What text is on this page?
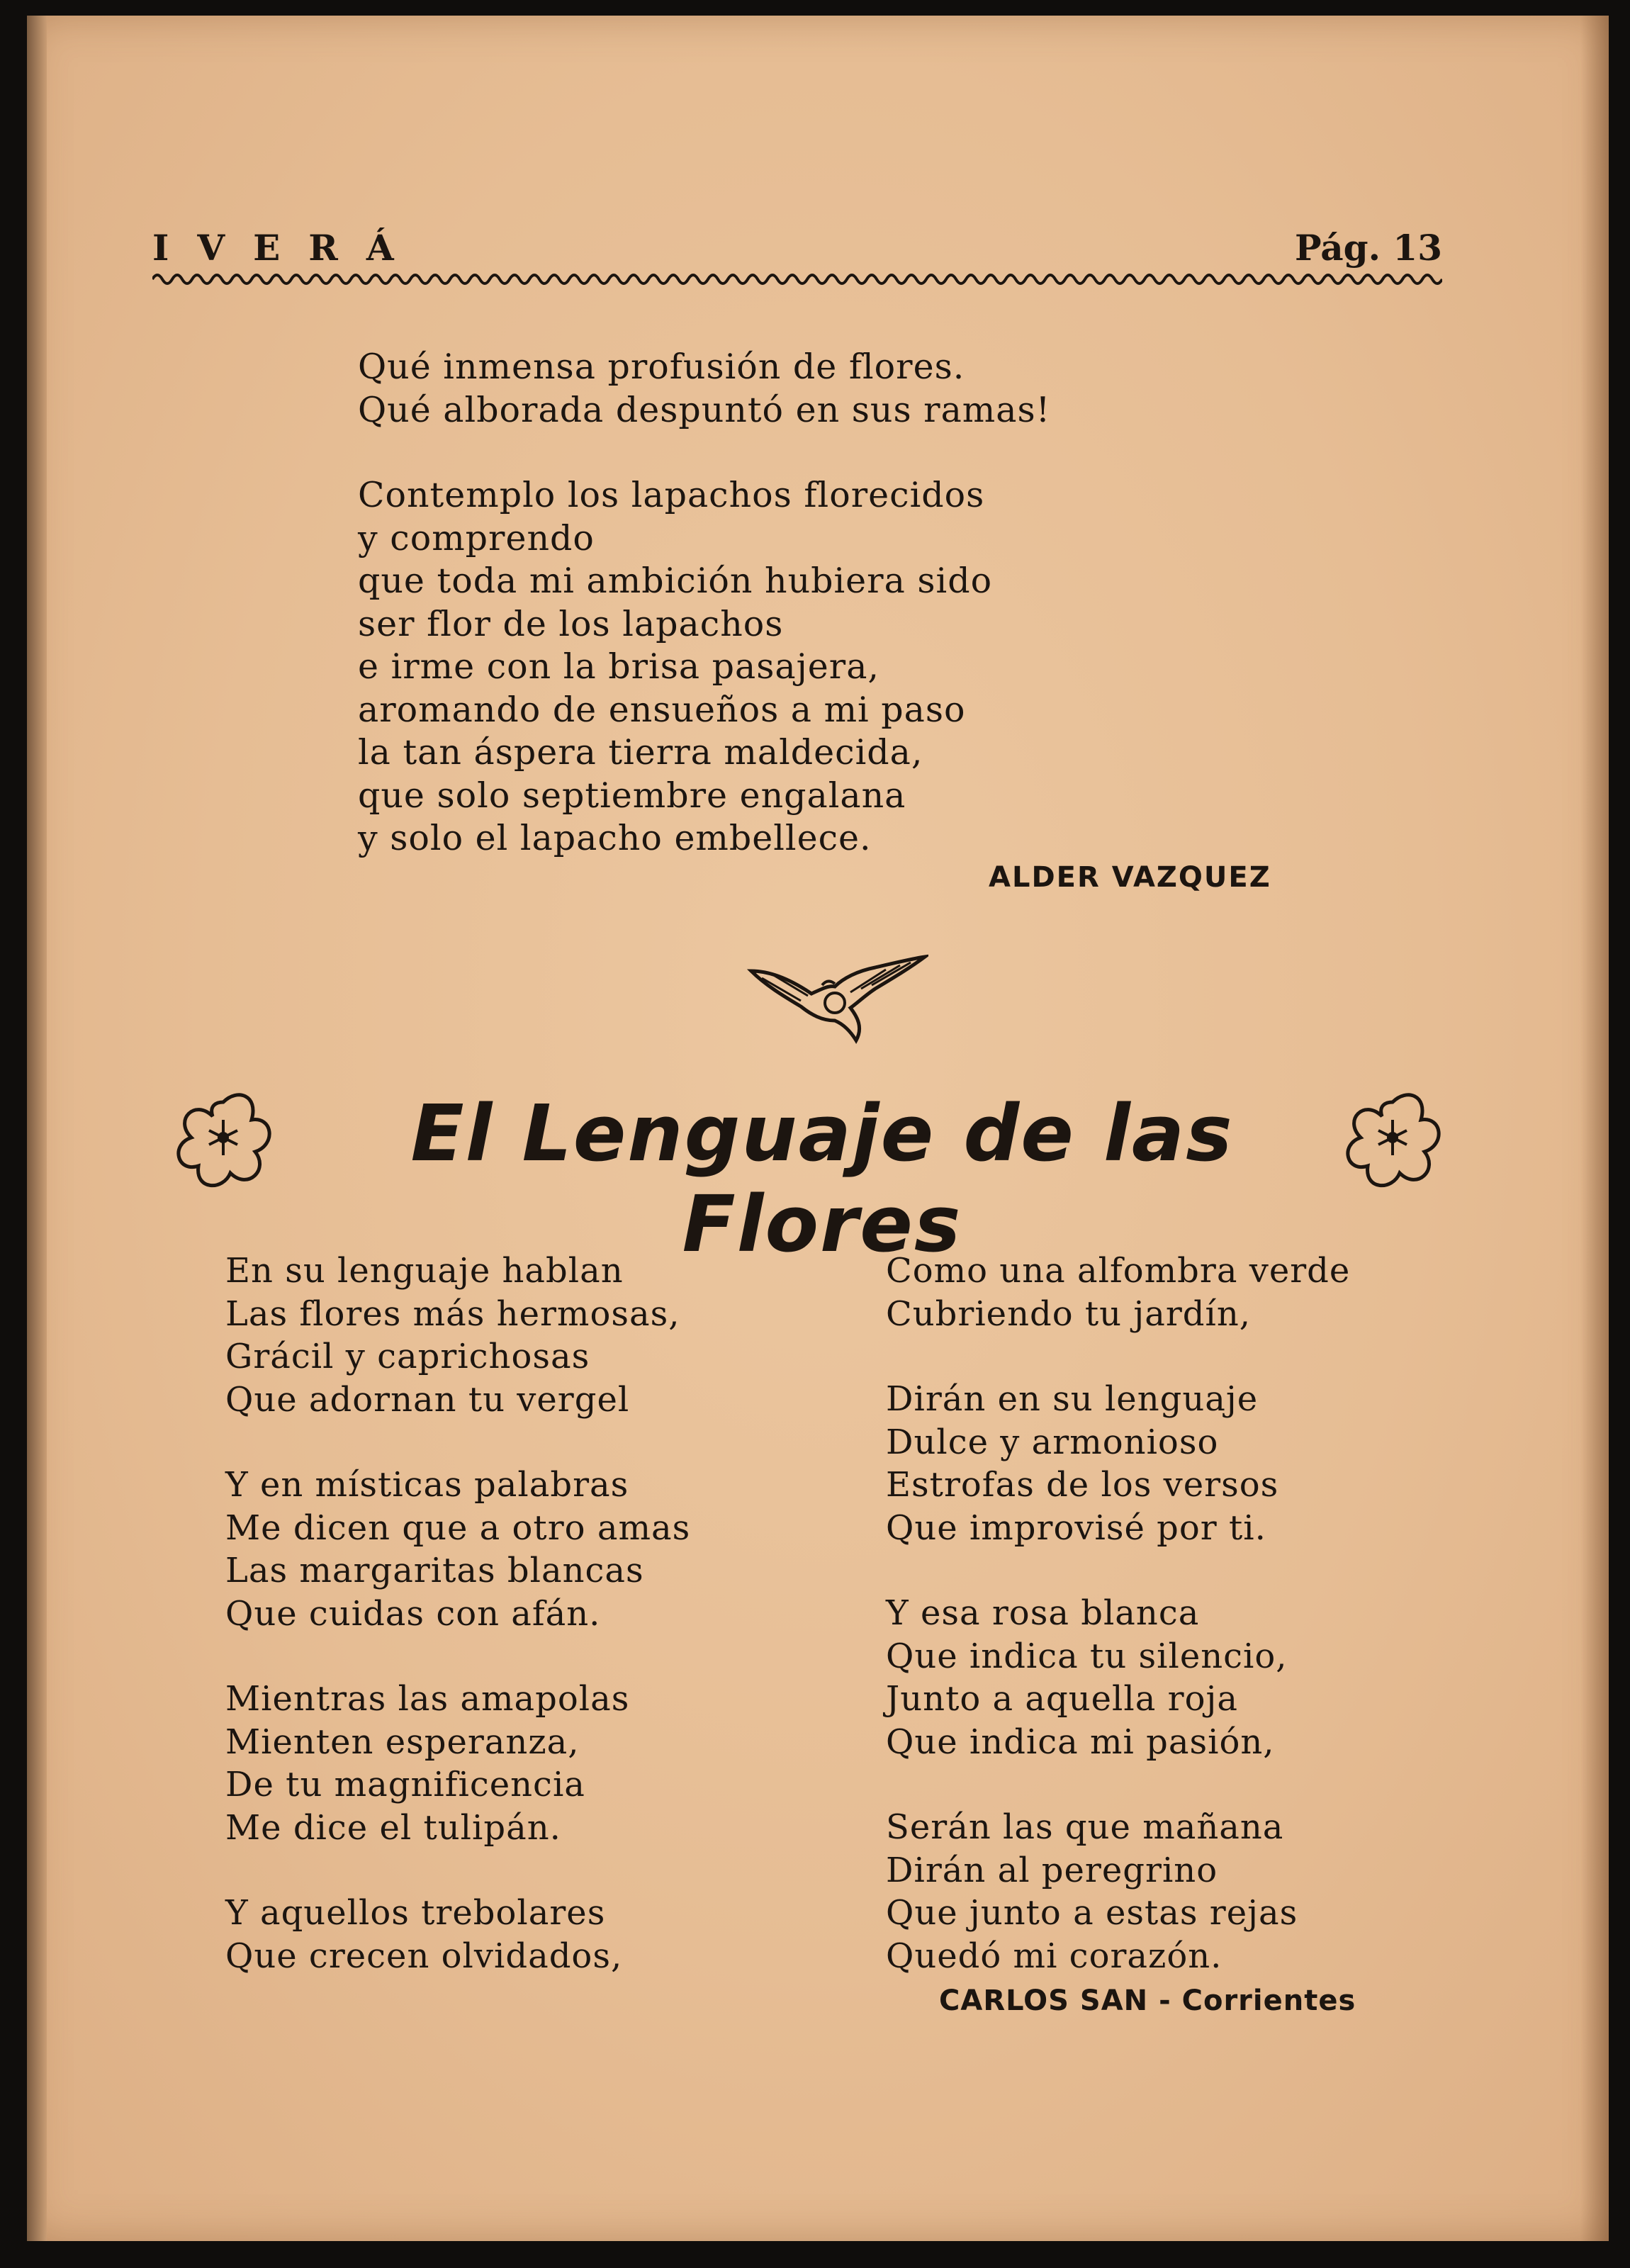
IVERÁ	Pág. 13
Qué inmensa profusión de flores.
Qué alborada despuntó en sus ramas!
Contemplo los lapachos florecidos
y comprendo
que toda mi ambición hubiera sido
ser flor de los lapachos
e irme con la brisa pasajera,
aromando de ensueños a mi paso
la tan áspera tierra maldecida,
que solo septiembre engalana
y solo el lapacho embellece.
ALDER VAZQUEZ
El Lenguaje de las Flores
En su lenguaje hablan
Las flores más hermosas,
Grácil y caprichosas
Que adornan tu vergel
Y en místicas palabras
Me dicen que a otro amas
Las margaritas blancas
Que cuidas con afán.
Mientras las amapolas
Mienten esperanza,
De tu magnificencia
Me dice el tulipán.
Y aquellos trebolares
Que crecen olvidados,
Como una alfombra verde
Cubriendo tu jardín,
Dirán en su lenguaje
Dulce y armonioso
Estrofas de los versos
Que improvisé por ti.
Y esa rosa blanca
Que indica tu silencio,
Junto a aquella roja
Que indica mi pasión,
Serán las que mañana
Dirán al peregrino
Que junto a estas rejas
Quedó mi corazón.
CARLOS SAN - Corrientes
